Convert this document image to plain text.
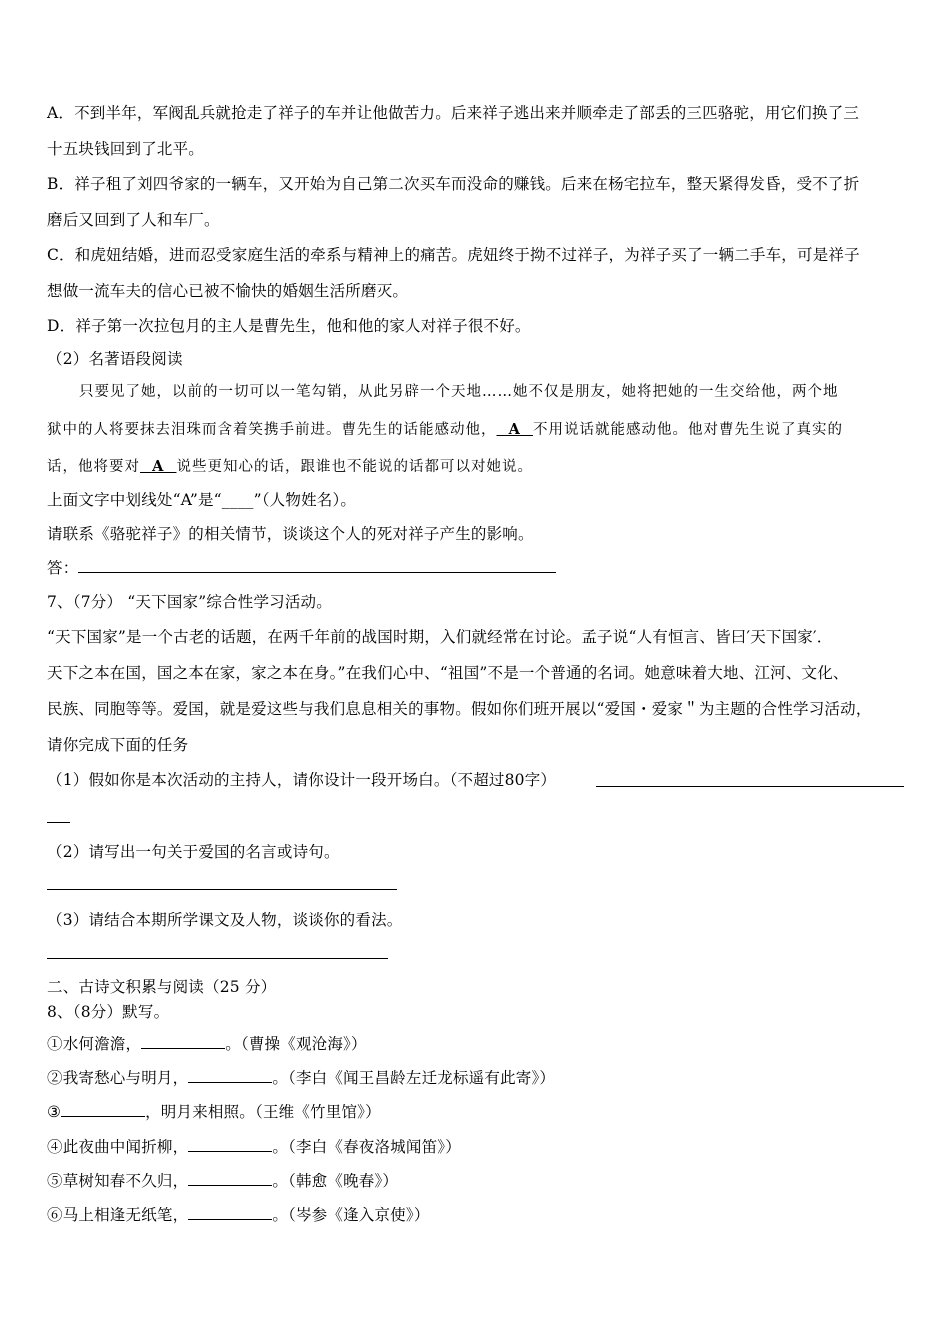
A．不到半年，军阀乱兵就抢走了祥子的车并让他做苦力。后来祥子逃出来并顺牵走了部丢的三匹骆驼，用它们换了三
十五块钱回到了北平。
B．祥子租了刘四爷家的一辆车，又开始为自己第二次买车而没命的赚钱。后来在杨宅拉车，整天紧得发昏，受不了折
磨后又回到了人和车厂。
C．和虎妞结婚，进而忍受家庭生活的牵系与精神上的痛苦。虎妞终于拗不过祥子，为祥子买了一辆二手车，可是祥子
想做一流车夫的信心已被不愉快的婚姻生活所磨灭。
D．祥子第一次拉包月的主人是曹先生，他和他的家人对祥子很不好。
（2）名著语段阅读
只要见了她，以前的一切可以一笔勾销，从此另辟一个天地……她不仅是朋友，她将把她的一生交给他，两个地
狱中的人将要抹去泪珠而含着笑携手前进。曹先生的话能感动他，  A  不用说话就能感动他。他对曹先生说了真实的
话，他将要对  A  说些更知心的话，跟谁也不能说的话都可以对她说。
上面文字中划线处“A”是“____”（人物姓名）。
请联系《骆驼祥子》的相关情节，谈谈这个人的死对祥子产生的影响。
答：
7、（7分） “天下国家”综合性学习活动。
“天下国家”是一个古老的话题，在两千年前的战国时期，入们就经常在讨论。孟子说“人有恒言、皆曰′天下国家′．
天下之本在国，国之本在家，家之本在身。”在我们心中、“祖国”不是一个普通的名词。她意味着大地、江河、文化、
民族、同胞等等。爱国，就是爱这些与我们息息相关的事物。假如你们班开展以“爱国・爱家＂为主题的合性学习活动，
请你完成下面的任务
（1）假如你是本次活动的主持人，请你设计一段开场白。（不超过80字）
（2）请写出一句关于爱国的名言或诗句。
（3）请结合本期所学课文及人物，谈谈你的看法。
二、古诗文积累与阅读（25 分）
8、（8分）默写。
①水何澹澹，	。（曹操《观沧海》）
②我寄愁心与明月，	。（李白《闻王昌龄左迁龙标遥有此寄》）
③	，明月来相照。（王维《竹里馆》）
④此夜曲中闻折柳，	。（李白《春夜洛城闻笛》）
⑤草树知春不久归，	。（韩愈《晚春》）
⑥马上相逢无纸笔，	。（岑参《逢入京使》）
